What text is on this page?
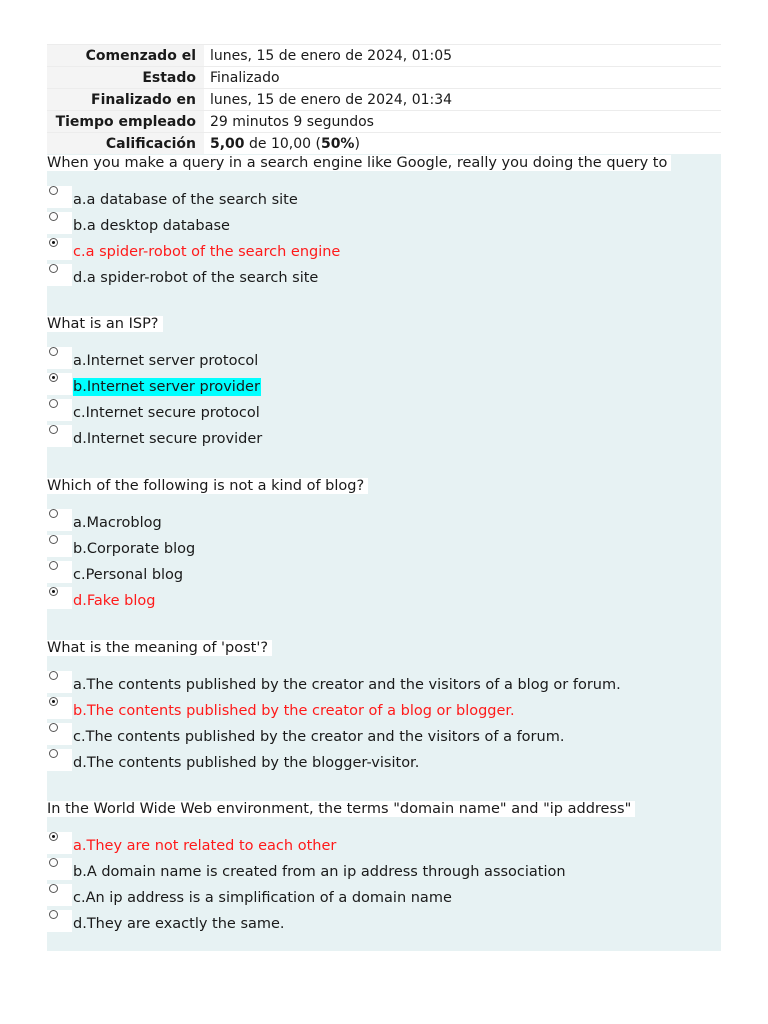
Comenzado el	lunes, 15 de enero de 2024, 01:05
Estado	Finalizado
Finalizado en	lunes, 15 de enero de 2024, 01:34
Tiempo empleado	29 minutos 9 segundos
Calificación	5,00 de 10,00 (50%)
When you make a query in a search engine like Google, really you doing the query to
a.a database of the search site
b.a desktop database
c.a spider-robot of the search engine
d.a spider-robot of the search site
What is an ISP?
a.Internet server protocol
b.Internet server provider
c.Internet secure protocol
d.Internet secure provider
Which of the following is not a kind of blog?
a.Macroblog
b.Corporate blog
c.Personal blog
d.Fake blog
What is the meaning of 'post'?
a.The contents published by the creator and the visitors of a blog or forum.
b.The contents published by the creator of a blog or blogger.
c.The contents published by the creator and the visitors of a forum.
d.The contents published by the blogger-visitor.
In the World Wide Web environment, the terms "domain name" and "ip address"
a.They are not related to each other
b.A domain name is created from an ip address through association
c.An ip address is a simplification of a domain name
d.They are exactly the same.
